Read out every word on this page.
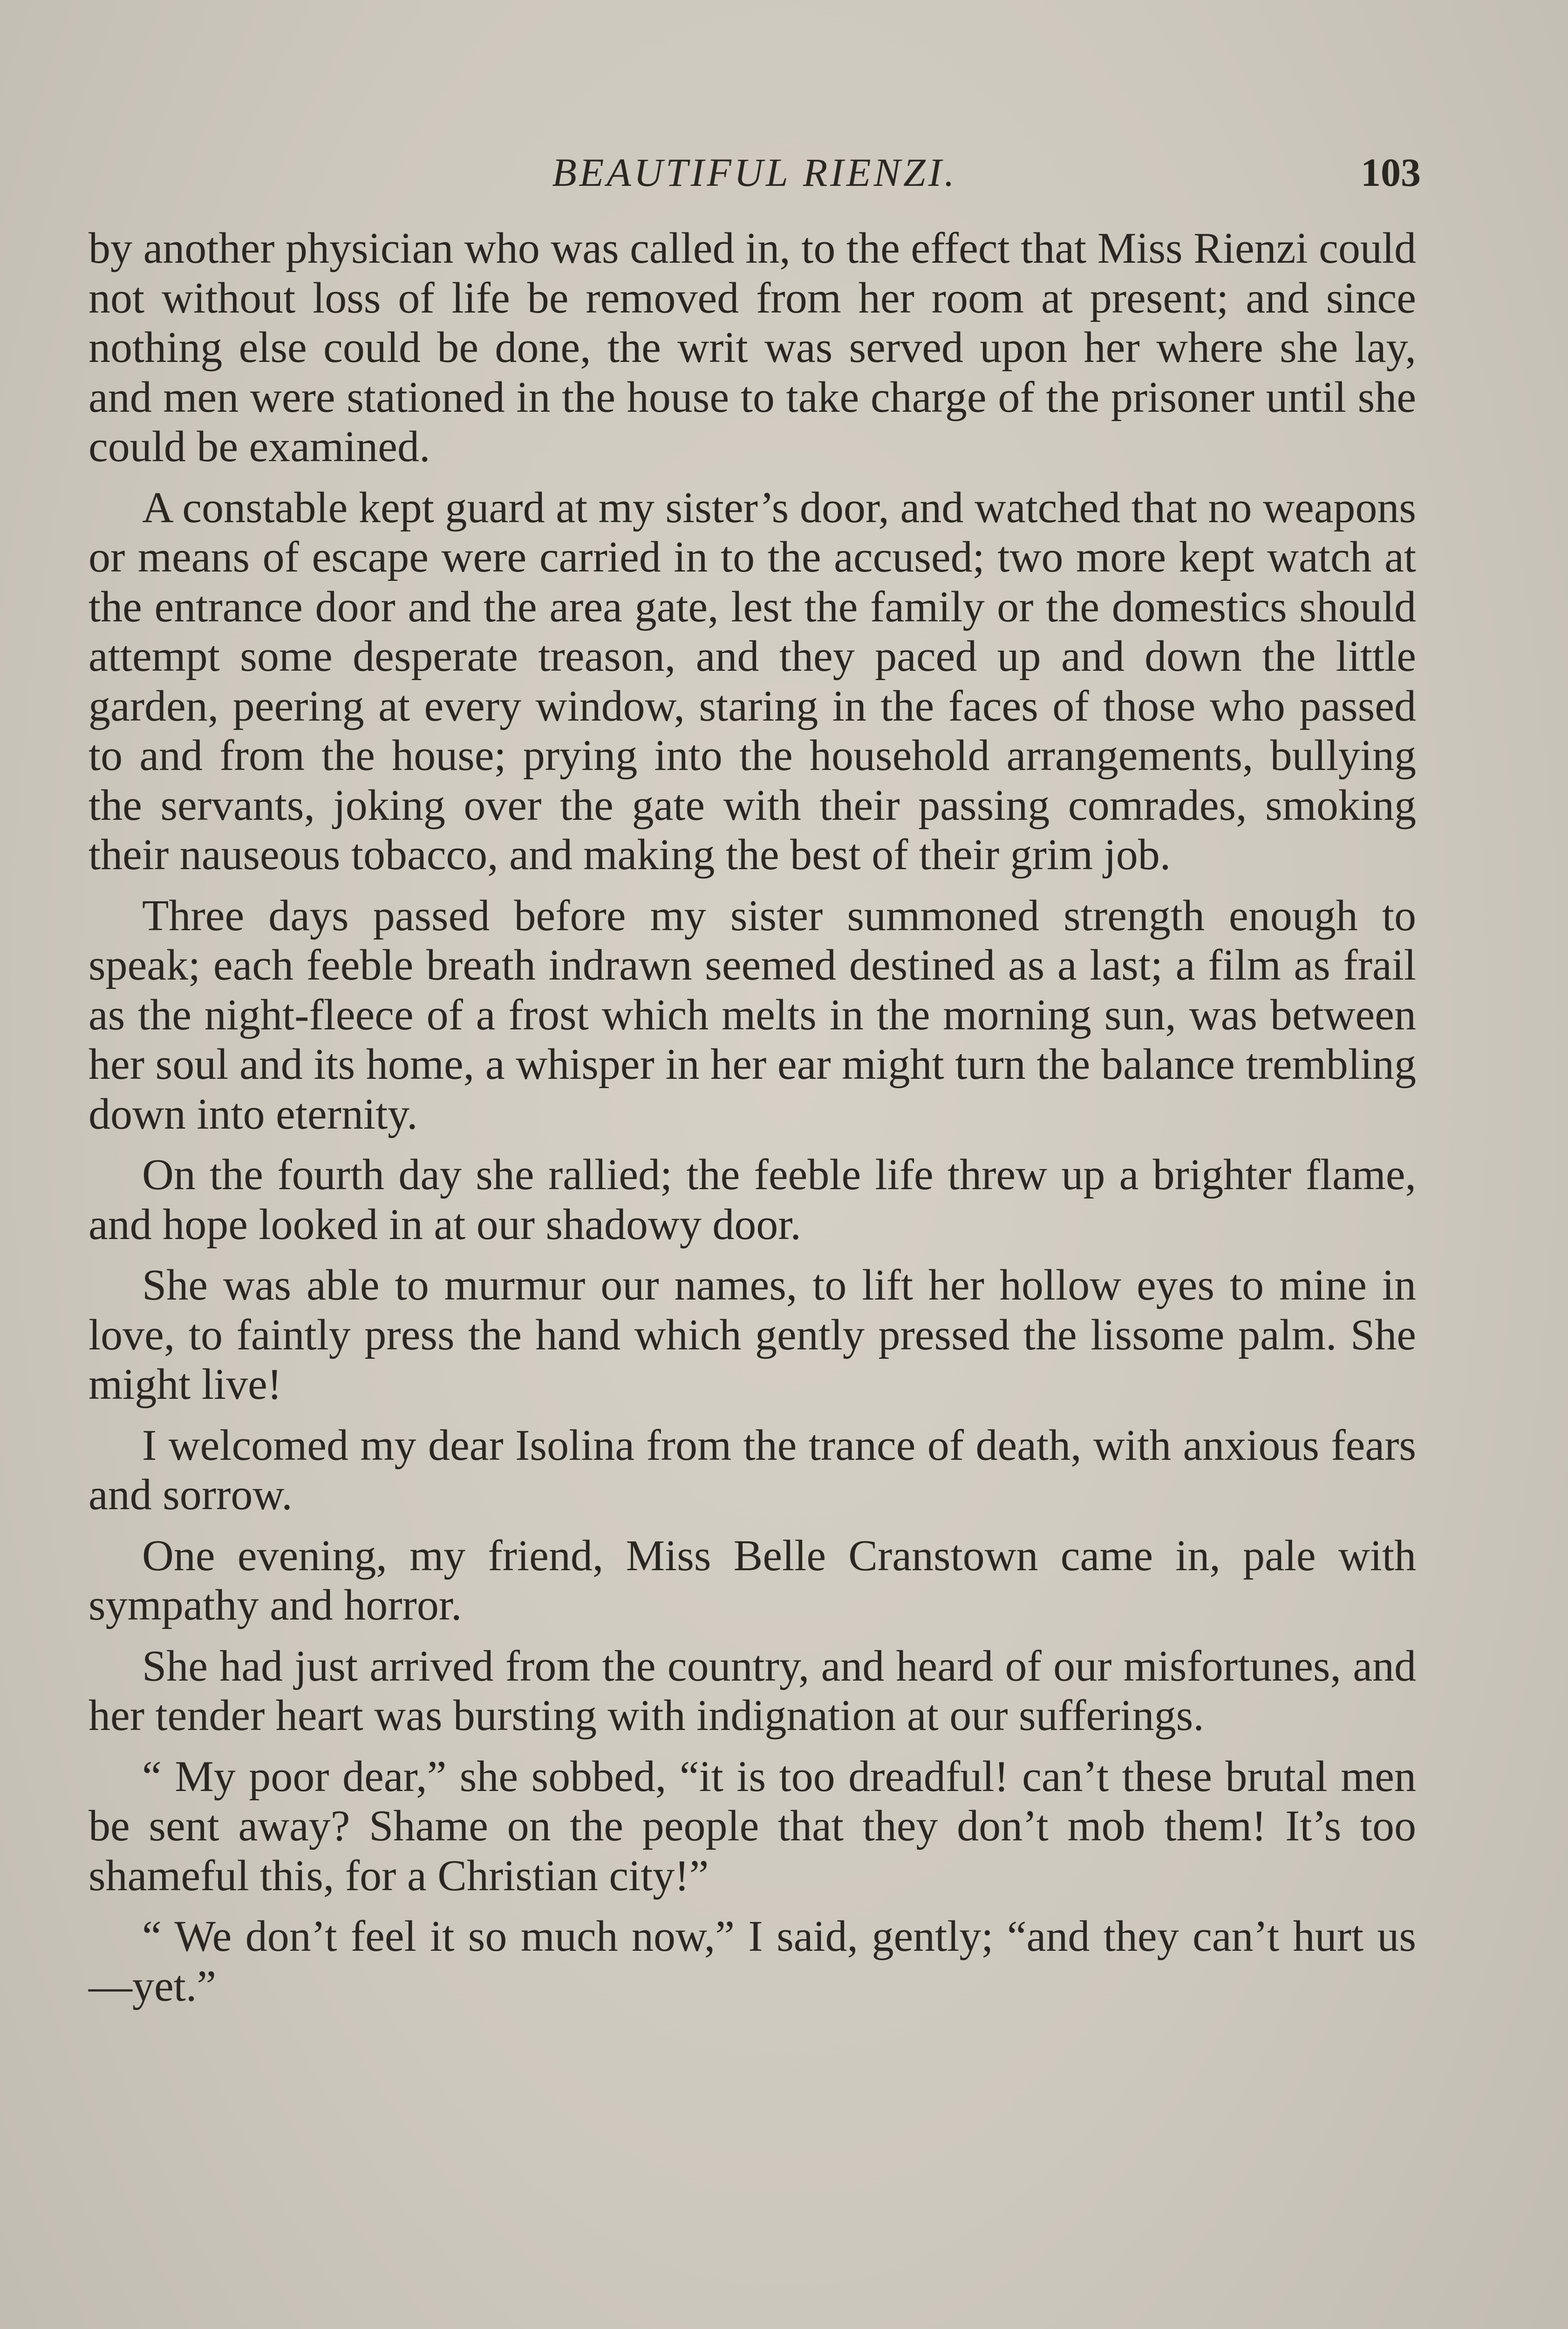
BEAUTIFUL RIENZI.	103

by another physician who was called in, to the effect that Miss Rienzi could not without loss of life be removed from her room at present; and since nothing else could be done, the writ was served upon her where she lay, and men were stationed in the house to take charge of the prisoner until she could be examined.

A constable kept guard at my sister’s door, and watched that no weapons or means of escape were carried in to the accused; two more kept watch at the entrance door and the area gate, lest the family or the domestics should attempt some desperate treason, and they paced up and down the little garden, peering at every window, staring in the faces of those who passed to and from the house; prying into the household arrangements, bullying the servants, joking over the gate with their passing comrades, smoking their nauseous tobacco, and making the best of their grim job.

Three days passed before my sister summoned strength enough to speak; each feeble breath indrawn seemed destined as a last; a film as frail as the night-fleece of a frost which melts in the morning sun, was between her soul and its home, a whisper in her ear might turn the balance trembling down into eternity.

On the fourth day she rallied; the feeble life threw up a brighter flame, and hope looked in at our shadowy door.

She was able to murmur our names, to lift her hollow eyes to mine in love, to faintly press the hand which gently pressed the lissome palm. She might live!

I welcomed my dear Isolina from the trance of death, with anxious fears and sorrow.

One evening, my friend, Miss Belle Cranstown came in, pale with sympathy and horror.

She had just arrived from the country, and heard of our misfortunes, and her tender heart was bursting with indignation at our sufferings.

“ My poor dear,” she sobbed, “it is too dreadful! can’t these brutal men be sent away? Shame on the people that they don’t mob them! It’s too shameful this, for a Christian city!”

“ We don’t feel it so much now,” I said, gently; “and they can’t hurt us—yet.”
